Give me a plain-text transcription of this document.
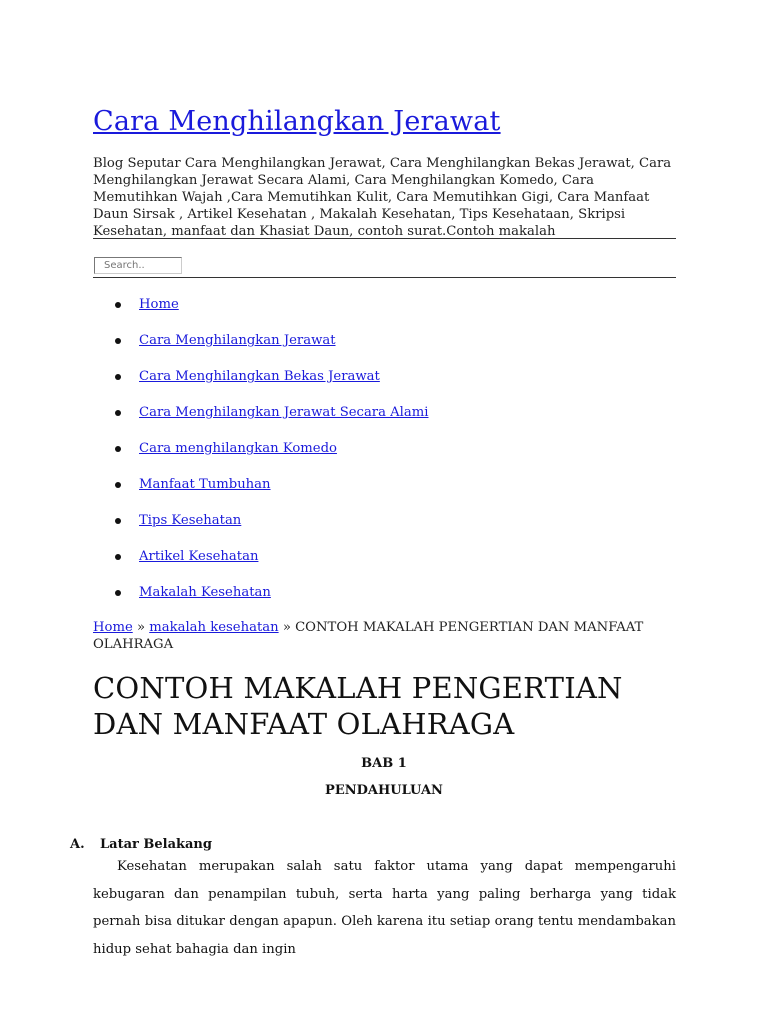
Cara Menghilangkan Jerawat
Blog Seputar Cara Menghilangkan Jerawat, Cara Menghilangkan Bekas Jerawat, Cara Menghilangkan Jerawat Secara Alami, Cara Menghilangkan Komedo, Cara Memutihkan Wajah ,Cara Memutihkan Kulit, Cara Memutihkan Gigi, Cara Manfaat Daun Sirsak , Artikel Kesehatan , Makalah Kesehatan, Tips Kesehataan, Skripsi Kesehatan, manfaat dan Khasiat Daun, contoh surat.Contoh makalah
Search..
Home
Cara Menghilangkan Jerawat
Cara Menghilangkan Bekas Jerawat
Cara Menghilangkan Jerawat Secara Alami
Cara menghilangkan Komedo
Manfaat Tumbuhan
Tips Kesehatan
Artikel Kesehatan
Makalah Kesehatan
Home » makalah kesehatan » CONTOH MAKALAH PENGERTIAN DAN MANFAAT OLAHRAGA
CONTOH MAKALAH PENGERTIAN DAN MANFAAT OLAHRAGA
BAB 1
PENDAHULUAN
A. Latar Belakang
Kesehatan merupakan salah satu faktor utama yang dapat mempengaruhi kebugaran dan penampilan tubuh, serta harta yang paling berharga yang tidak pernah bisa ditukar dengan apapun. Oleh karena itu setiap orang tentu mendambakan hidup sehat bahagia dan ingin
